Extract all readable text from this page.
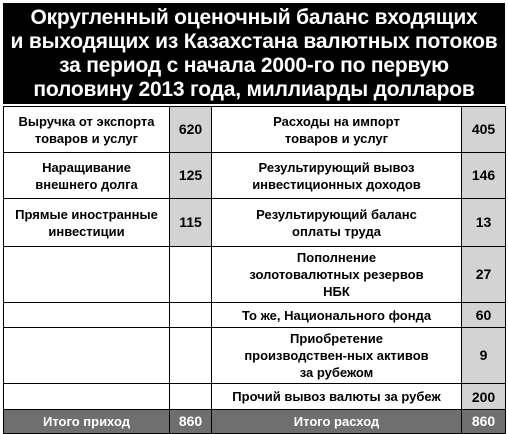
Округленный оценочный баланс входящих
и выходящих из Казахстана валютных потоков
за период с начала 2000-го по первую
половину 2013 года, миллиарды долларов
Выручка от экспорта товаров и услуг	620	Расходы на импорт товаров и услуг	405
Наращивание внешнего долга	125	Результирующий вывоз инвестиционных доходов	146
Прямые иностранные инвестиции	115	Результирующий баланс оплаты труда	13
		Пополнение золотовалютных резервов НБК	27
		То же, Национального фонда	60
		Приобретение производствен-ных активов за рубежом	9
		Прочий вывоз валюты за рубеж	200
Итого приход	860	Итого расход	860
